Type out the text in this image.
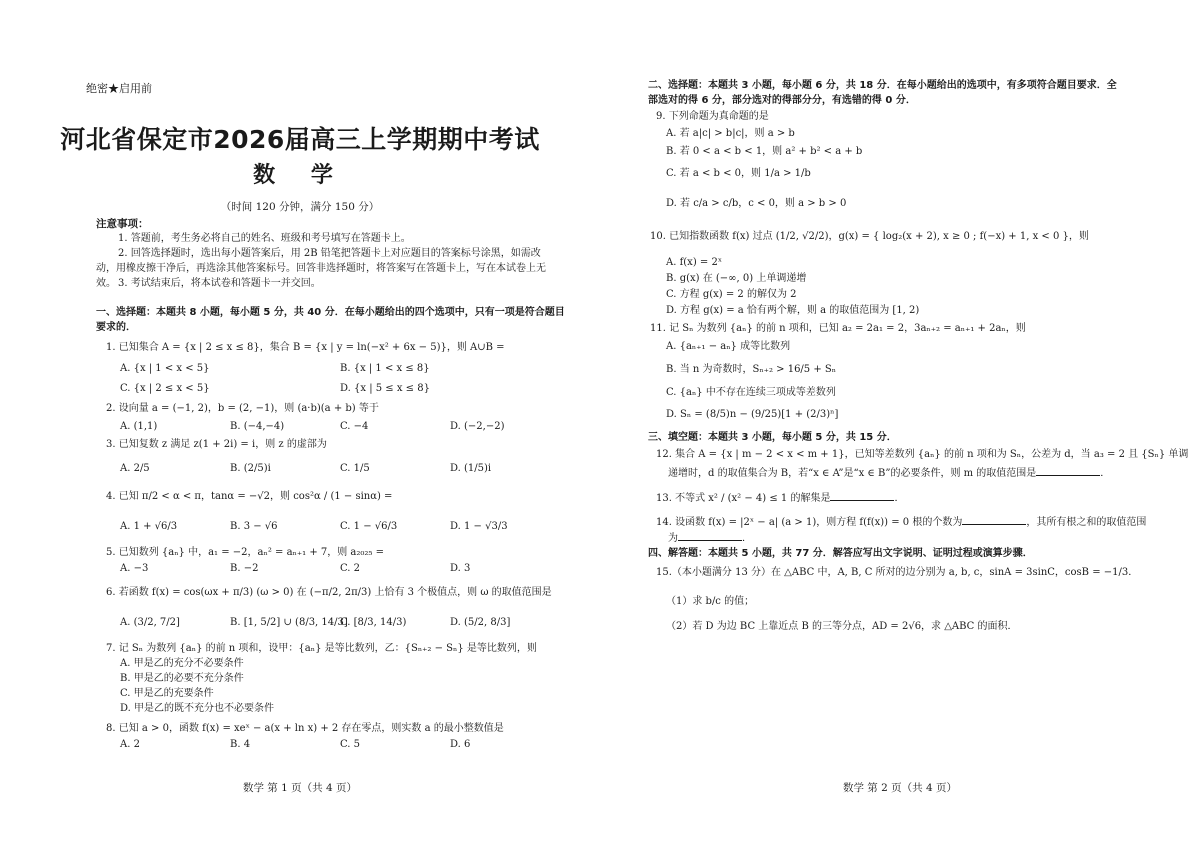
绝密★启用前
河北省保定市2026届高三上学期期中考试
数 学
（时间 120 分钟，满分 150 分）
注意事项：
1. 答题前，考生务必将自己的姓名、班级和考号填写在答题卡上。
2. 回答选择题时，选出每小题答案后，用 2B 铅笔把答题卡上对应题目的答案标号涂黑，如需改动，用橡皮擦干净后，再选涂其他答案标号。回答非选择题时，将答案写在答题卡上，写在本试卷上无效。 3. 考试结束后，将本试卷和答题卡一并交回。
一、选择题：本题共 8 小题，每小题 5 分，共 40 分．在每小题给出的四个选项中，只有一项是符合题目要求的．
1. 已知集合 A = {x | 2 ≤ x ≤ 8}，集合 B = {x | y = ln(−x² + 6x − 5)}，则 A∪B =
A. {x | 1 < x < 5}	B. {x | 1 < x ≤ 8}
C. {x | 2 ≤ x < 5}	D. {x | 5 ≤ x ≤ 8}
2. 设向量 a = (−1, 2)，b = (2, −1)，则 (a·b)(a + b) 等于
A. (1,1)	B. (−4,−4)	C. −4	D. (−2,−2)
3. 已知复数 z 满足 z(1 + 2i) = i，则 z 的虚部为
A. 2/5	B. (2/5)i	C. 1/5	D. (1/5)i
4. 已知 π/2 < α < π，tanα = −√2，则 cos²α / (1 − sinα) =
A. 1 + √6/3	B. 3 − √6	C. 1 − √6/3	D. 1 − √3/3
5. 已知数列 {aₙ} 中，a₁ = −2，aₙ² = aₙ₊₁ + 7，则 a₂₀₂₅ =
A. −3	B. −2	C. 2	D. 3
6. 若函数 f(x) = cos(ωx + π/3) (ω > 0) 在 (−π/2, 2π/3) 上恰有 3 个极值点，则 ω 的取值范围是
A. (3/2, 7/2]	B. [1, 5/2] ∪ (8/3, 14/3]
C. [8/3, 14/3)	D. (5/2, 8/3]
7. 记 Sₙ 为数列 {aₙ} 的前 n 项和，设甲：{aₙ} 是等比数列，乙：{Sₙ₊₂ − Sₙ} 是等比数列，则
A. 甲是乙的充分不必要条件
B. 甲是乙的必要不充分条件
C. 甲是乙的充要条件
D. 甲是乙的既不充分也不必要条件
8. 已知 a > 0，函数 f(x) = xeˣ − a(x + ln x) + 2 存在零点，则实数 a 的最小整数值是
A. 2	B. 4	C. 5	D. 6
数学 第 1 页（共 4 页）
二、选择题：本题共 3 小题，每小题 6 分，共 18 分．在每小题给出的选项中，有多项符合题目要求．全部选对的得 6 分，部分选对的得部分分，有选错的得 0 分．
9. 下列命题为真命题的是
A. 若 a|c| > b|c|，则 a > b
B. 若 0 < a < b < 1，则 a² + b² < a + b
C. 若 a < b < 0，则 1/a > 1/b
D. 若 c/a > c/b，c < 0，则 a > b > 0
10. 已知指数函数 f(x) 过点 (1/2, √2/2)，g(x) = { log₂(x + 2), x ≥ 0 ; f(−x) + 1, x < 0 }，则
A. f(x) = 2ˣ
B. g(x) 在 (−∞, 0) 上单调递增
C. 方程 g(x) = 2 的解仅为 2
D. 方程 g(x) = a 恰有两个解，则 a 的取值范围为 [1, 2)
11. 记 Sₙ 为数列 {aₙ} 的前 n 项和，已知 a₂ = 2a₁ = 2，3aₙ₊₂ = aₙ₊₁ + 2aₙ，则
A. {aₙ₊₁ − aₙ} 成等比数列
B. 当 n 为奇数时，Sₙ₊₂ > 16/5 + Sₙ
C. {aₙ} 中不存在连续三项成等差数列
D. Sₙ = (8/5)n − (9/25)[1 + (2/3)ⁿ]
三、填空题：本题共 3 小题，每小题 5 分，共 15 分．
12. 集合 A = {x | m − 2 < x < m + 1}，已知等差数列 {aₙ} 的前 n 项和为 Sₙ，公差为 d，当 a₃ = 2 且 {Sₙ} 单调
递增时，d 的取值集合为 B，若“x ∈ A”是“x ∈ B”的必要条件，则 m 的取值范围是	．
13. 不等式 x² / (x² − 4) ≤ 1 的解集是	．
14. 设函数 f(x) = |2ˣ − a| (a > 1)，则方程 f(f(x)) = 0 根的个数为	，其所有根之和的取值范围
为	．
四、解答题：本题共 5 小题，共 77 分．解答应写出文字说明、证明过程或演算步骤．
15.（本小题满分 13 分）在 △ABC 中，A, B, C 所对的边分别为 a, b, c，sinA = 3sinC，cosB = −1/3．
（1）求 b/c 的值；
（2）若 D 为边 BC 上靠近点 B 的三等分点，AD = 2√6，求 △ABC 的面积．
数学 第 2 页（共 4 页）
